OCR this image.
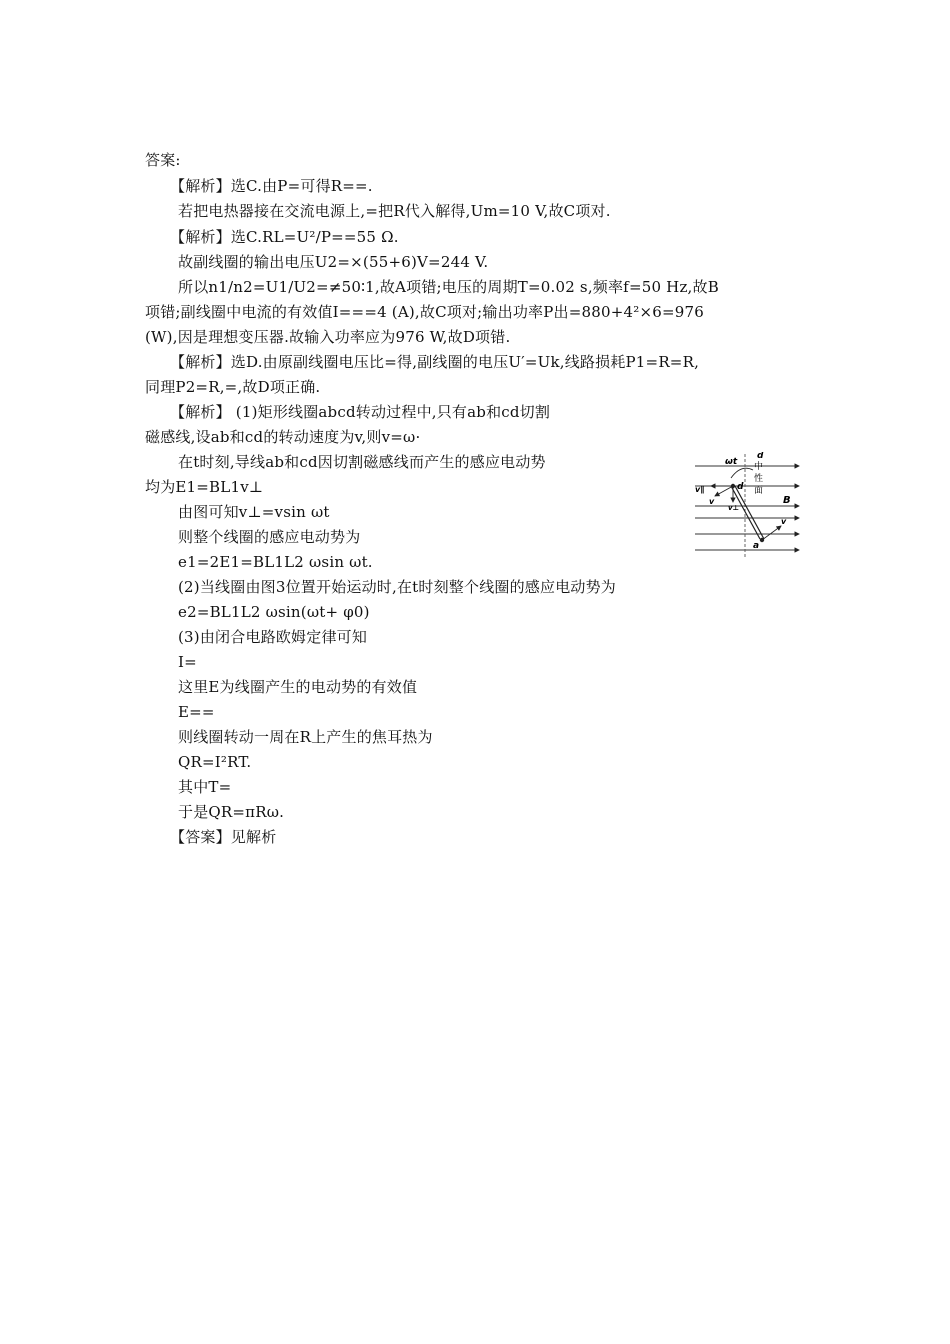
答案:
【解析】选C.由P=可得R==.
若把电热器接在交流电源上,=把R代入解得,Um=10 V,故C项对.
【解析】选C.RL=U²/P==55 Ω.
故副线圈的输出电压U2=×(55+6)V=244 V.
所以n1/n2=U1/U2=≠50∶1,故A项错;电压的周期T=0.02 s,频率f=50 Hz,故B
项错;副线圈中电流的有效值I===4 (A),故C项对;输出功率P出=880+4²×6=976
(W),因是理想变压器.故输入功率应为976 W,故D项错.
【解析】选D.由原副线圈电压比=得,副线圈的电压U′=Uk,线路损耗P1=R=R,
同理P2=R,=,故D项正确.
【解析】 (1)矩形线圈abcd转动过程中,只有ab和cd切割
磁感线,设ab和cd的转动速度为v,则v=ω·
在t时刻,导线ab和cd因切割磁感线而产生的感应电动势
均为E1=BL1v⊥
由图可知v⊥=vsin ωt
则整个线圈的感应电动势为
e1=2E1=BL1L2 ωsin ωt.
(2)当线圈由图3位置开始运动时,在t时刻整个线圈的感应电动势为
e2=BL1L2 ωsin(ωt+ φ0)
(3)由闭合电路欧姆定律可知
I=
这里E为线圈产生的电动势的有效值
E==
则线圈转动一周在R上产生的焦耳热为
QR=I²RT.
其中T=
于是QR=πRω.
【答案】见解析
ωt
d
中
性
面
B
v∥
v
d
v⊥
v
a
